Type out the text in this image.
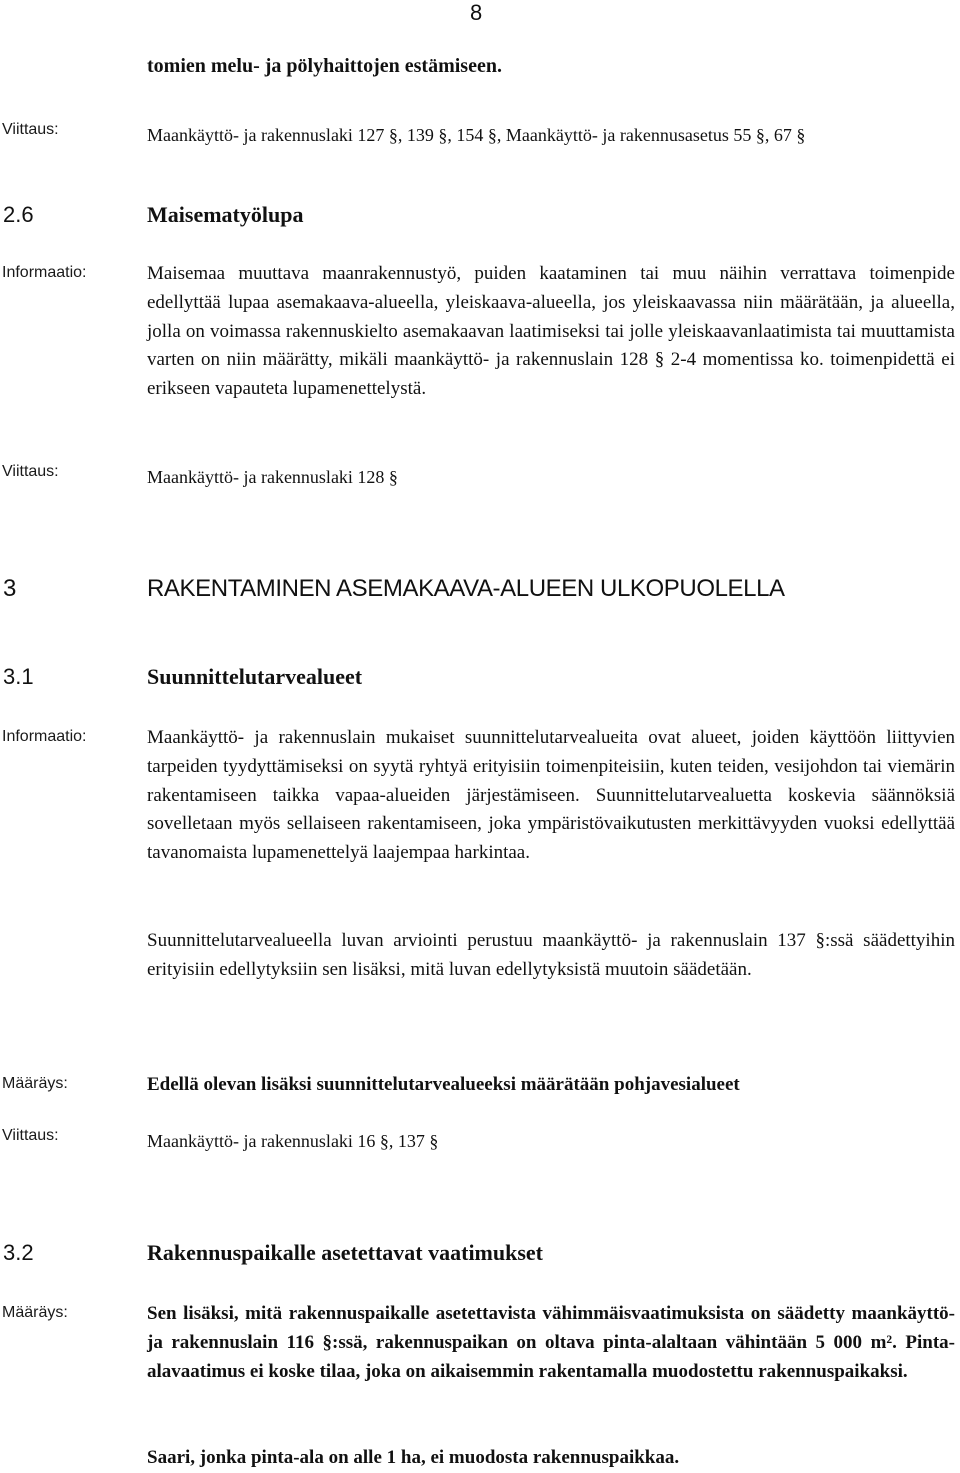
8
tomien melu- ja pölyhaittojen estämiseen.
Viittaus:	Maankäyttö- ja rakennuslaki 127 §, 139 §, 154 §, Maankäyttö- ja rakennusasetus 55 §, 67 §
2.6	Maisematyölupa
Informaatio:	Maisemaa muuttava maanrakennustyö, puiden kaataminen tai muu näihin verrattava toimenpide edellyttää lupaa asemakaava-alueella, yleiskaava-alueella, jos yleiskaavassa niin määrätään, ja alueella, jolla on voimassa rakennuskielto asemakaavan laatimiseksi tai jolle yleiskaavanlaatimista tai muuttamista varten on niin määrätty, mikäli maankäyttö- ja rakennuslain 128 § 2-4 momentissa ko. toimenpidettä ei erikseen vapauteta lupamenettelystä.
Viittaus:	Maankäyttö- ja rakennuslaki 128 §
3	RAKENTAMINEN ASEMAKAAVA-ALUEEN ULKOPUOLELLA
3.1	Suunnittelutarvealueet
Informaatio:	Maankäyttö- ja rakennuslain mukaiset suunnittelutarvealueita ovat alueet, joiden käyttöön liittyvien tarpeiden tyydyttämiseksi on syytä ryhtyä erityisiin toimenpiteisiin, kuten teiden, vesijohdon tai viemärin rakentamiseen taikka vapaa-alueiden järjestämiseen. Suunnittelutarvealuetta koskevia säännöksiä sovelletaan myös sellaiseen rakentamiseen, joka ympäristövaikutusten merkittävyyden vuoksi edellyttää tavanomaista lupamenettelyä laajempaa harkintaa.
Suunnittelutarvealueella luvan arviointi perustuu maankäyttö- ja rakennuslain 137 §:ssä säädettyihin erityisiin edellytyksiin sen lisäksi, mitä luvan edellytyksistä muutoin säädetään.
Määräys:	Edellä olevan lisäksi suunnittelutarvealueeksi määrätään pohjavesialueet
Viittaus:	Maankäyttö- ja rakennuslaki 16 §, 137 §
3.2	Rakennuspaikalle asetettavat vaatimukset
Määräys:	Sen lisäksi, mitä rakennuspaikalle asetettavista vähimmäisvaatimuksista on säädetty maankäyttö- ja rakennuslain 116 §:ssä, rakennuspaikan on oltava pinta-alaltaan vähintään 5 000 m². Pinta-alavaatimus ei koske tilaa, joka on aikaisemmin rakentamalla muodostettu rakennuspaikaksi.
Saari, jonka pinta-ala on alle 1 ha, ei muodosta rakennuspaikkaa.
